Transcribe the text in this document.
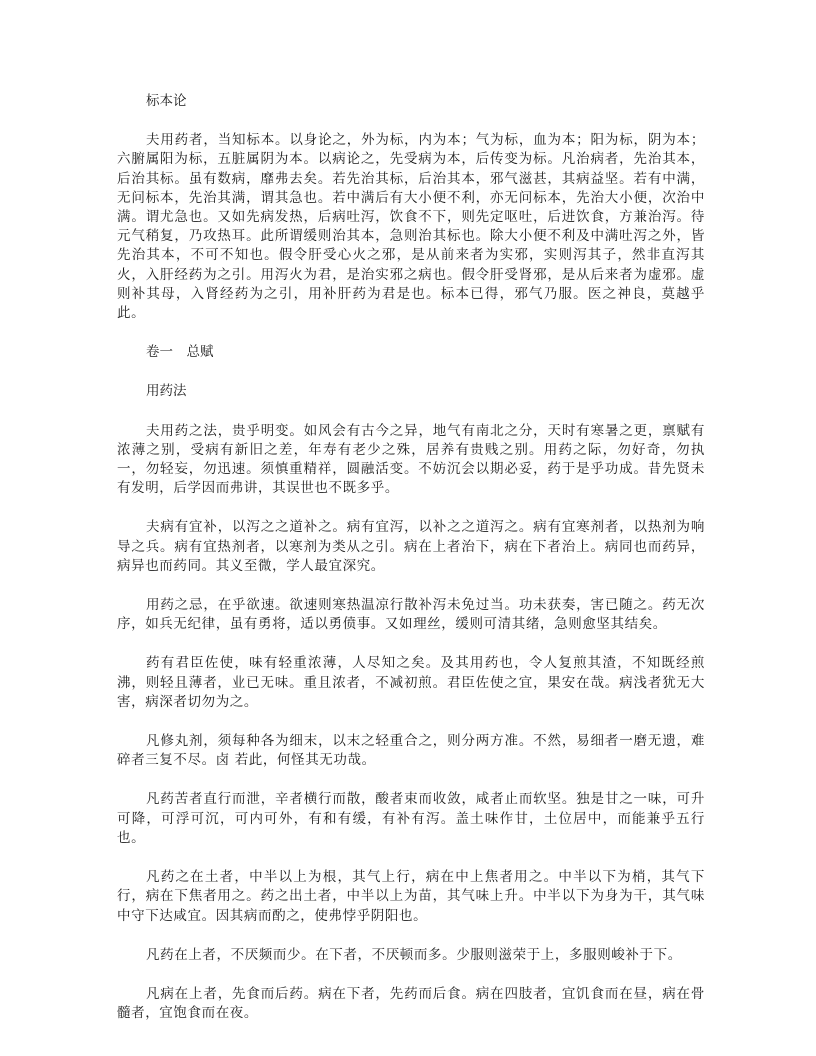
标本论

夫用药者，当知标本。以身论之，外为标，内为本；气为标，血为本；阳为标，阴为本；六腑属阳为标，五脏属阴为本。以病论之，先受病为本，后传变为标。凡治病者，先治其本，后治其标。虽有数病，靡弗去矣。若先治其标，后治其本，邪气滋甚，其病益坚。若有中满，无问标本，先治其满，谓其急也。若中满后有大小便不利，亦无问标本，先治大小便，次治中满。谓尤急也。又如先病发热，后病吐泻，饮食不下，则先定呕吐，后进饮食，方兼治泻。待元气稍复，乃攻热耳。此所谓缓则治其本，急则治其标也。除大小便不利及中满吐泻之外，皆先治其本，不可不知也。假令肝受心火之邪，是从前来者为实邪，实则泻其子，然非直泻其火，入肝经药为之引。用泻火为君，是治实邪之病也。假令肝受肾邪，是从后来者为虚邪。虚则补其母，入肾经药为之引，用补肝药为君是也。标本已得，邪气乃服。医之神良，莫越乎此。

卷一　总赋

用药法

夫用药之法，贵乎明变。如风会有古今之异，地气有南北之分，天时有寒暑之更，禀赋有浓薄之别，受病有新旧之差，年寿有老少之殊，居养有贵贱之别。用药之际，勿好奇，勿执一，勿轻妄，勿迅速。须慎重精祥，圆融活变。不妨沉会以期必妥，药于是乎功成。昔先贤未有发明，后学因而弗讲，其误世也不既多乎。

夫病有宜补，以泻之之道补之。病有宜泻，以补之之道泻之。病有宜寒剂者，以热剂为响导之兵。病有宜热剂者，以寒剂为类从之引。病在上者治下，病在下者治上。病同也而药异，病异也而药同。其义至微，学人最宜深究。

用药之忌，在乎欲速。欲速则寒热温凉行散补泻未免过当。功未获奏，害已随之。药无次序，如兵无纪律，虽有勇将，适以勇偾事。又如理丝，缓则可清其绪，急则愈坚其结矣。

药有君臣佐使，味有轻重浓薄，人尽知之矣。及其用药也，令人复煎其渣，不知既经煎沸，则轻且薄者，业已无味。重且浓者，不减初煎。君臣佐使之宜，果安在哉。病浅者犹无大害，病深者切勿为之。

凡修丸剂，须每种各为细末，以末之轻重合之，则分两方准。不然，易细者一磨无遗，难碎者三复不尽。卤 若此，何怪其无功哉。

凡药苦者直行而泄，辛者横行而散，酸者束而收敛，咸者止而软坚。独是甘之一味，可升可降，可浮可沉，可内可外，有和有缓，有补有泻。盖土味作甘，土位居中，而能兼乎五行也。

凡药之在土者，中半以上为根，其气上行，病在中上焦者用之。中半以下为梢，其气下行，病在下焦者用之。药之出土者，中半以上为苗，其气味上升。中半以下为身为干，其气味中守下达咸宜。因其病而酌之，使弗悖乎阴阳也。

凡药在上者，不厌频而少。在下者，不厌顿而多。少服则滋荣于上，多服则峻补于下。

凡病在上者，先食而后药。病在下者，先药而后食。病在四肢者，宜饥食而在昼，病在骨髓者，宜饱食而在夜。
